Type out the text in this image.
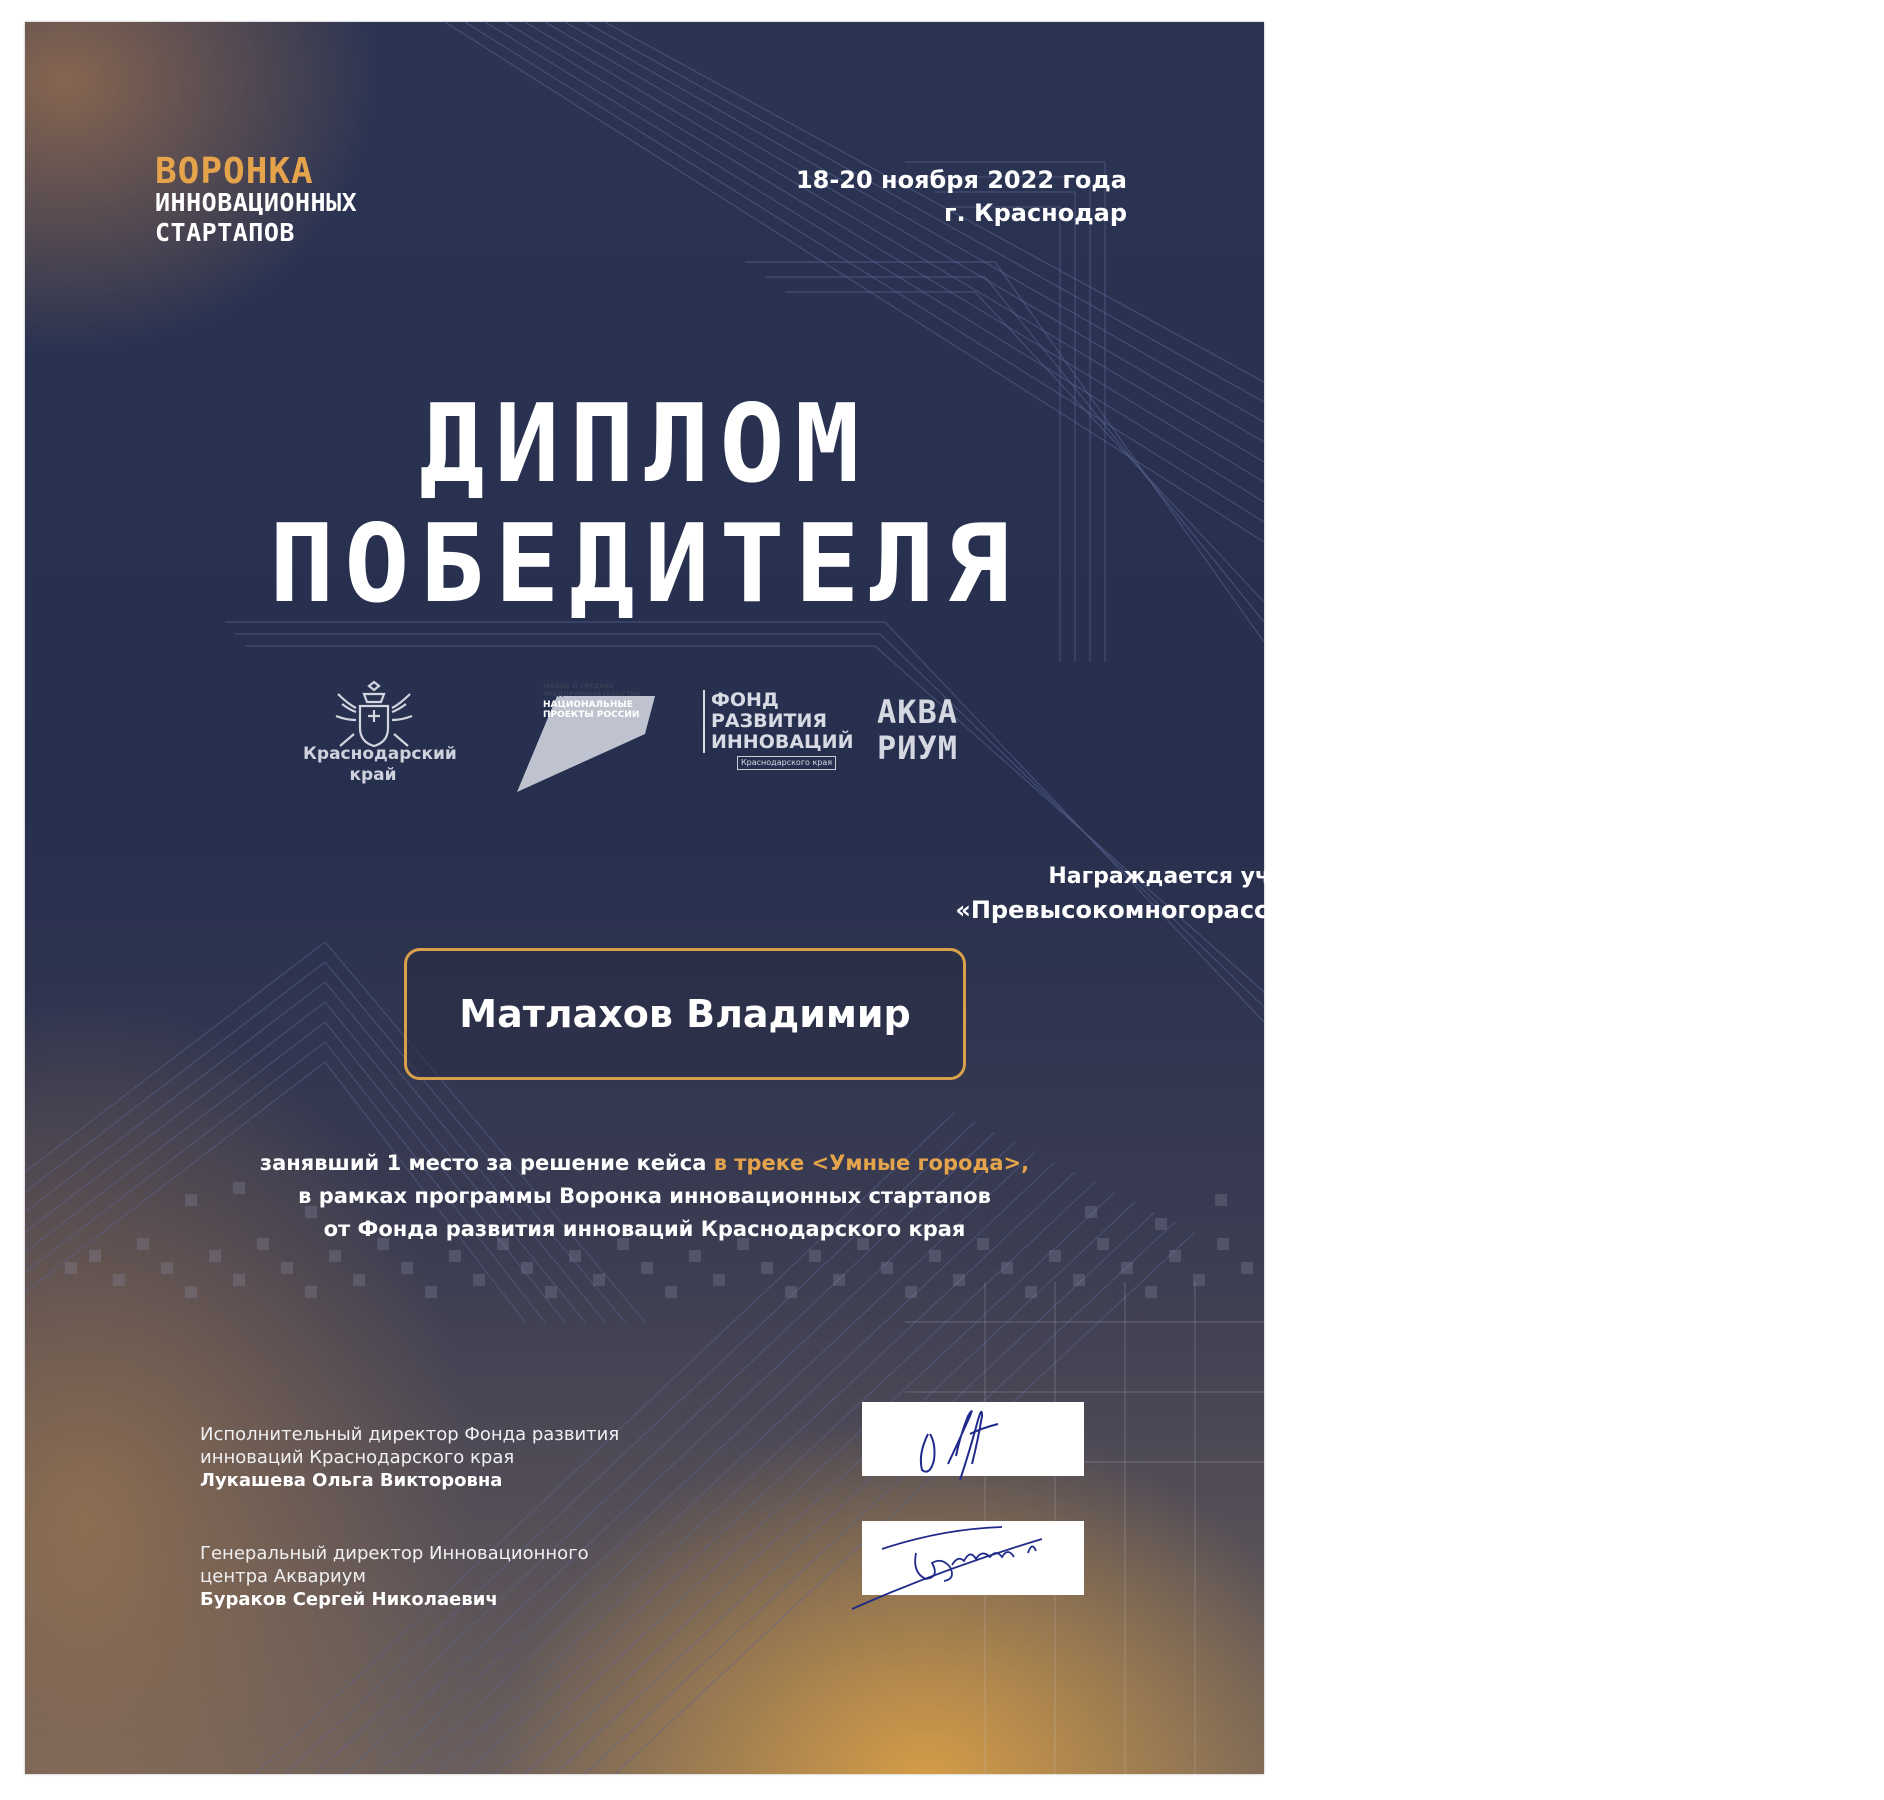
ВОРОНКА
ИННОВАЦИОННЫХ
СТАРТАПОВ
18-20 ноября 2022 года
г. Краснодар
ДИПЛОМ
ПОБЕДИТЕЛЯ
Краснодарский край
МАЛОЕ И СРЕДНЕЕ ПРЕДПРИНИМАТЕЛЬСТВО
НАЦИОНАЛЬНЫЕ ПРОЕКТЫ РОССИИ
ФОНД
РАЗВИТИЯ
ИННОВАЦИЙ
Краснодарского края
АКВА
РИУМ
Награждается участник команды
«Превысокомногорассмотрительствующие»
Матлахов Владимир
занявший 1 место за решение кейса в треке <Умные города>,
в рамках программы Воронка инновационных стартапов
от Фонда развития инноваций Краснодарского края
Исполнительный директор Фонда развития
инноваций Краснодарского края
Лукашева Ольга Викторовна
Генеральный директор Инновационного
центра Аквариум
Бураков Сергей Николаевич
